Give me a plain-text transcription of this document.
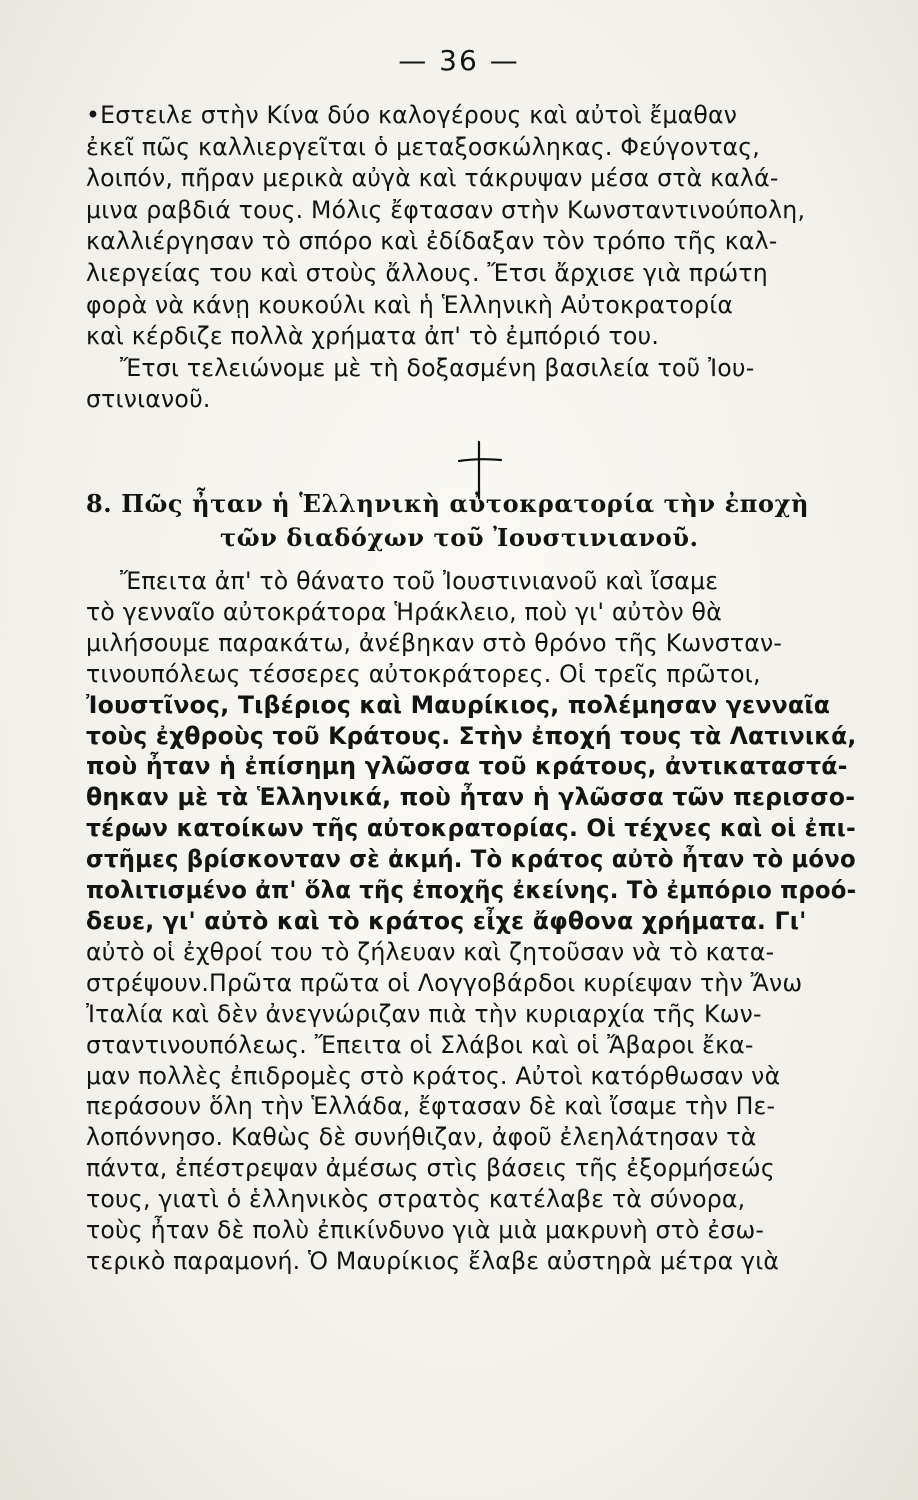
— 36 —
•Εστειλε στὴν Κίνα δύο καλογέρους καὶ αὐτοὶ ἔμαθαν
ἐκεῖ πῶς καλλιεργεῖται ὁ μεταξοσκώληκας. Φεύγοντας,
λοιπόν, πῆραν μερικὰ αὐγὰ καὶ τάκρυψαν μέσα στὰ καλά-
μινα ραβδιά τους. Μόλις ἔφτασαν στὴν Κωνσταντινούπολη,
καλλιέργησαν τὸ σπόρο καὶ ἐδίδαξαν τὸν τρόπο τῆς καλ-
λιεργείας του καὶ στοὺς ἄλλους. Ἔτσι ἄρχισε γιὰ πρώτη
φορὰ νὰ κάνῃ κουκούλι καὶ ἡ Ἑλληνικὴ Αὐτοκρατορία
καὶ κέρδιζε πολλὰ χρήματα ἀπ' τὸ ἐμπόριό του.
Ἔτσι τελειώνομε μὲ τὴ δοξασμένη βασιλεία τοῦ Ἰου-
στινιανοῦ.
8. Πῶς ἦταν ἡ Ἑλληνικὴ αὐτοκρατορία τὴν ἐποχὴ
τῶν διαδόχων τοῦ Ἰουστινιανοῦ.
Ἔπειτα ἀπ' τὸ θάνατο τοῦ Ἰουστινιανοῦ καὶ ἴσαμε
τὸ γενναῖο αὐτοκράτορα Ἡράκλειο, ποὺ γι' αὐτὸν θὰ
μιλήσουμε παρακάτω, ἀνέβηκαν στὸ θρόνο τῆς Κωνσταν-
τινουπόλεως τέσσερες αὐτοκράτορες. Οἱ τρεῖς πρῶτοι,
Ἰουστῖνος, Τιβέριος καὶ Μαυρίκιος, πολέμησαν γενναῖα
τοὺς ἐχθροὺς τοῦ Κράτους. Στὴν ἐποχή τους τὰ Λατινικά,
ποὺ ἦταν ἡ ἐπίσημη γλῶσσα τοῦ κράτους, ἀντικαταστά-
θηκαν μὲ τὰ Ἑλληνικά, ποὺ ἦταν ἡ γλῶσσα τῶν περισσο-
τέρων κατοίκων τῆς αὐτοκρατορίας. Οἱ τέχνες καὶ οἱ ἐπι-
στῆμες βρίσκονταν σὲ ἀκμή. Τὸ κράτος αὐτὸ ἦταν τὸ μόνο
πολιτισμένο ἀπ' ὅλα τῆς ἐποχῆς ἐκείνης. Τὸ ἐμπόριο προό-
δευε, γι' αὐτὸ καὶ τὸ κράτος εἶχε ἄφθονα χρήματα. Γι'
αὐτὸ οἱ ἐχθροί του τὸ ζήλευαν καὶ ζητοῦσαν νὰ τὸ κατα-
στρέψουν.Πρῶτα πρῶτα οἱ Λογγοβάρδοι κυρίεψαν τὴν Ἄνω
Ἰταλία καὶ δὲν ἀνεγνώριζαν πιὰ τὴν κυριαρχία τῆς Κων-
σταντινουπόλεως. Ἔπειτα οἱ Σλάβοι καὶ οἱ Ἄβαροι ἔκα-
μαν πολλὲς ἐπιδρομὲς στὸ κράτος. Αὐτοὶ κατόρθωσαν νὰ
περάσουν ὅλη τὴν Ἑλλάδα, ἔφτασαν δὲ καὶ ἴσαμε τὴν Πε-
λοπόννησο. Καθὼς δὲ συνήθιζαν, ἀφοῦ ἐλεηλάτησαν τὰ
πάντα, ἐπέστρεψαν ἀμέσως στὶς βάσεις τῆς ἐξορμήσεώς
τους, γιατὶ ὁ ἑλληνικὸς στρατὸς κατέλαβε τὰ σύνορα,
τοὺς ἦταν δὲ πολὺ ἐπικίνδυνο γιὰ μιὰ μακρυνὴ στὸ ἐσω-
τερικὸ παραμονή. Ὁ Μαυρίκιος ἔλαβε αὐστηρὰ μέτρα γιὰ
